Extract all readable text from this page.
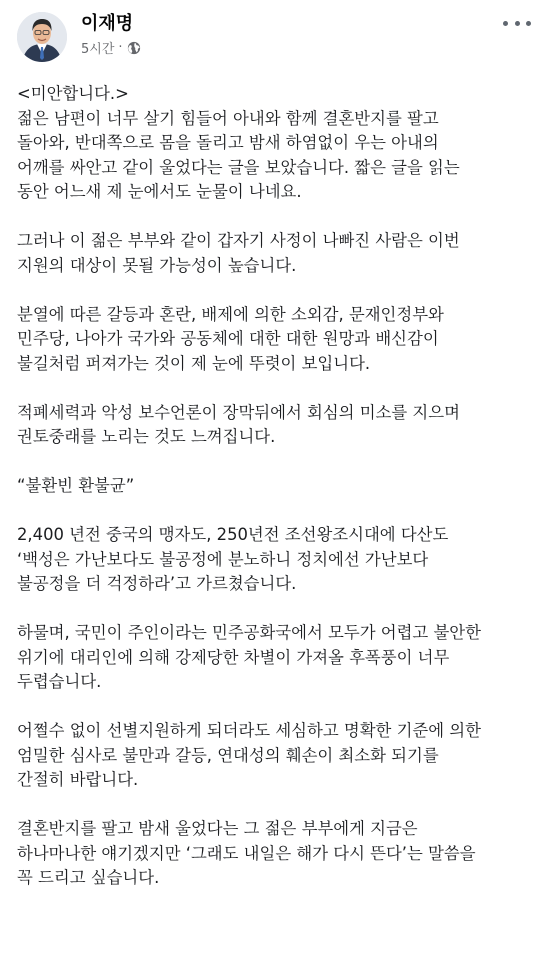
이재명
5시간 ·

<미안합니다.>
젊은 남편이 너무 살기 힘들어 아내와 함께 결혼반지를 팔고
돌아와, 반대쪽으로 몸을 돌리고 밤새 하염없이 우는 아내의
어깨를 싸안고 같이 울었다는 글을 보았습니다. 짧은 글을 읽는
동안 어느새 제 눈에서도 눈물이 나네요.

그러나 이 젊은 부부와 같이 갑자기 사정이 나빠진 사람은 이번
지원의 대상이 못될 가능성이 높습니다.

분열에 따른 갈등과 혼란, 배제에 의한 소외감, 문재인정부와
민주당, 나아가 국가와 공동체에 대한 대한 원망과 배신감이
불길처럼 퍼져가는 것이 제 눈에 뚜렷이 보입니다.

적폐세력과 악성 보수언론이 장막뒤에서 회심의 미소를 지으며
권토중래를 노리는 것도 느껴집니다.

“불환빈 환불균”

2,400 년전 중국의 맹자도, 250년전 조선왕조시대에 다산도
‘백성은 가난보다도 불공정에 분노하니 정치에선 가난보다
불공정을 더 걱정하라’고 가르쳤습니다.

하물며, 국민이 주인이라는 민주공화국에서 모두가 어렵고 불안한
위기에 대리인에 의해 강제당한 차별이 가져올 후폭풍이 너무
두렵습니다.

어쩔수 없이 선별지원하게 되더라도 세심하고 명확한 기준에 의한
엄밀한 심사로 불만과 갈등, 연대성의 훼손이 최소화 되기를
간절히 바랍니다.

결혼반지를 팔고 밤새 울었다는 그 젊은 부부에게 지금은
하나마나한 얘기겠지만 ‘그래도 내일은 해가 다시 뜬다’는 말씀을
꼭 드리고 싶습니다.
